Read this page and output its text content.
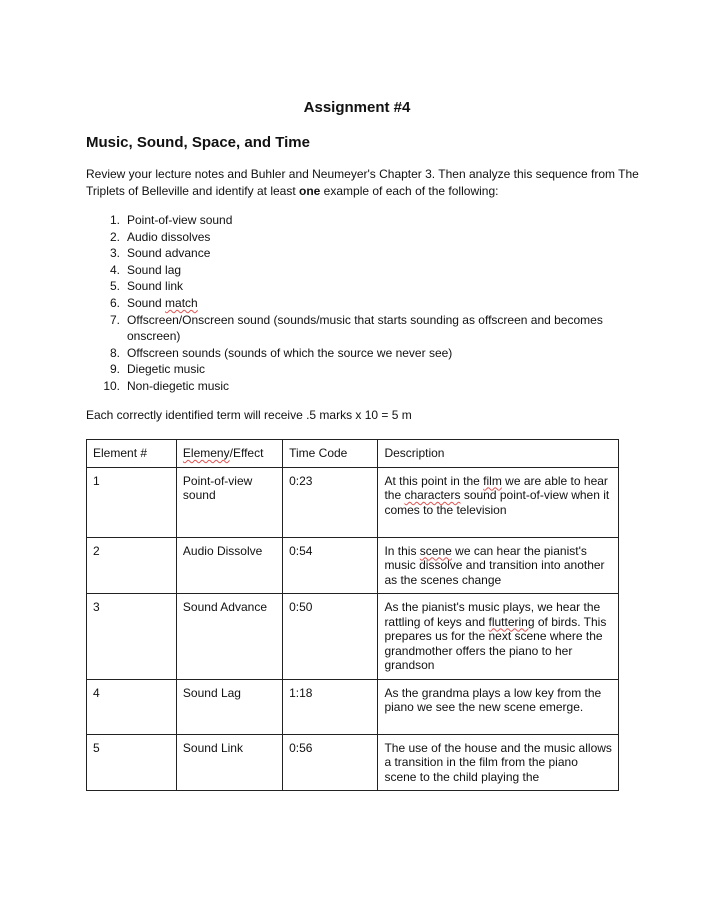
Assignment #4
Music, Sound, Space, and Time

Review your lecture notes and Buhler and Neumeyer's Chapter 3. Then analyze this sequence from The Triplets of Belleville and identify at least one example of each of the following:

1. Point-of-view sound
2. Audio dissolves
3. Sound advance
4. Sound lag
5. Sound link
6. Sound match
7. Offscreen/Onscreen sound (sounds/music that starts sounding as offscreen and becomes onscreen)
8. Offscreen sounds (sounds of which the source we never see)
9. Diegetic music
10. Non-diegetic music

Each correctly identified term will receive .5 marks x 10 = 5 m

Element #	Elemeny/Effect	Time Code	Description
1	Point-of-view sound	0:23	At this point in the film we are able to hear the characters sound point-of-view when it comes to the television
2	Audio Dissolve	0:54	In this scene we can hear the pianist's music dissolve and transition into another as the scenes change
3	Sound Advance	0:50	As the pianist's music plays, we hear the rattling of keys and fluttering of birds. This prepares us for the next scene where the grandmother offers the piano to her grandson
4	Sound Lag	1:18	As the grandma plays a low key from the piano we see the new scene emerge.
5	Sound Link	0:56	The use of the house and the music allows a transition in the film from the piano scene to the child playing the
